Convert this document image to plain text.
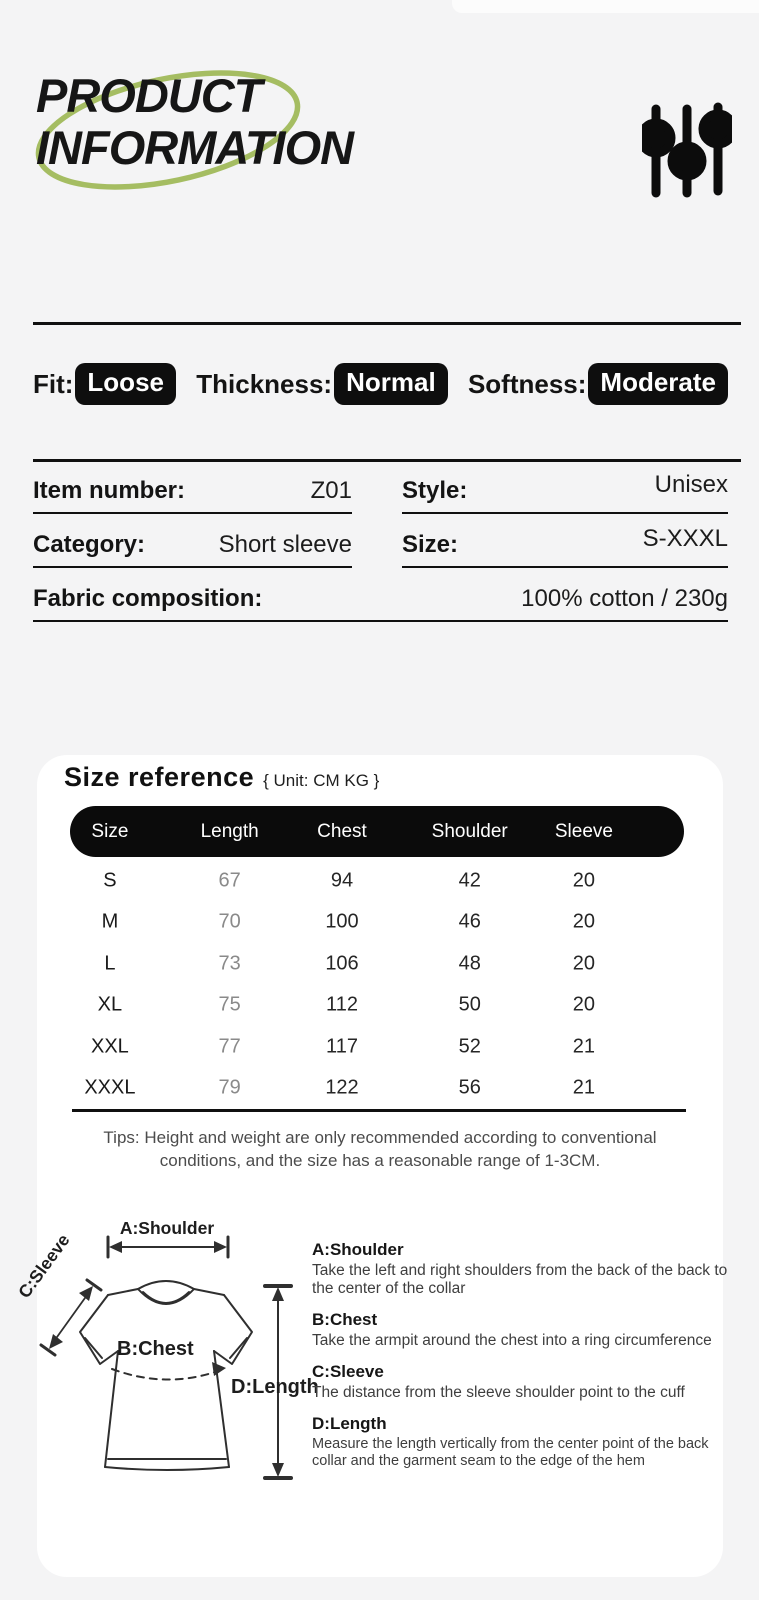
PRODUCT
INFORMATION
Fit: Loose	Thickness: Normal	Softness: Moderate
Item number:	Z01 Style:	Unisex
Category:	Short sleeve Size:	S-XXXL
Fabric composition:	100% cotton / 230g
Size reference { Unit: CM KG }
Size	Length	Chest	Shoulder Sleeve
S	67	94	42	20
M	70	100	46	20
L	73	106	48	20
XL	75	112	50	20
XXL	77	117	52	21
XXXL	79	122	56	21
Tips: Height and weight are only recommended according to conventional
conditions, and the size has a reasonable range of 1-3CM.
A:Shoulder
C:Sleeve
B:Chest
D:Length
A:Shoulder
Take the left and right shoulders from the back of the back to the center of the collar
B:Chest
Take the armpit around the chest into a ring circumference
C:Sleeve
The distance from the sleeve shoulder point to the cuff
D:Length
Measure the length vertically from the center point of the back collar and the garment seam to the edge of the hem
